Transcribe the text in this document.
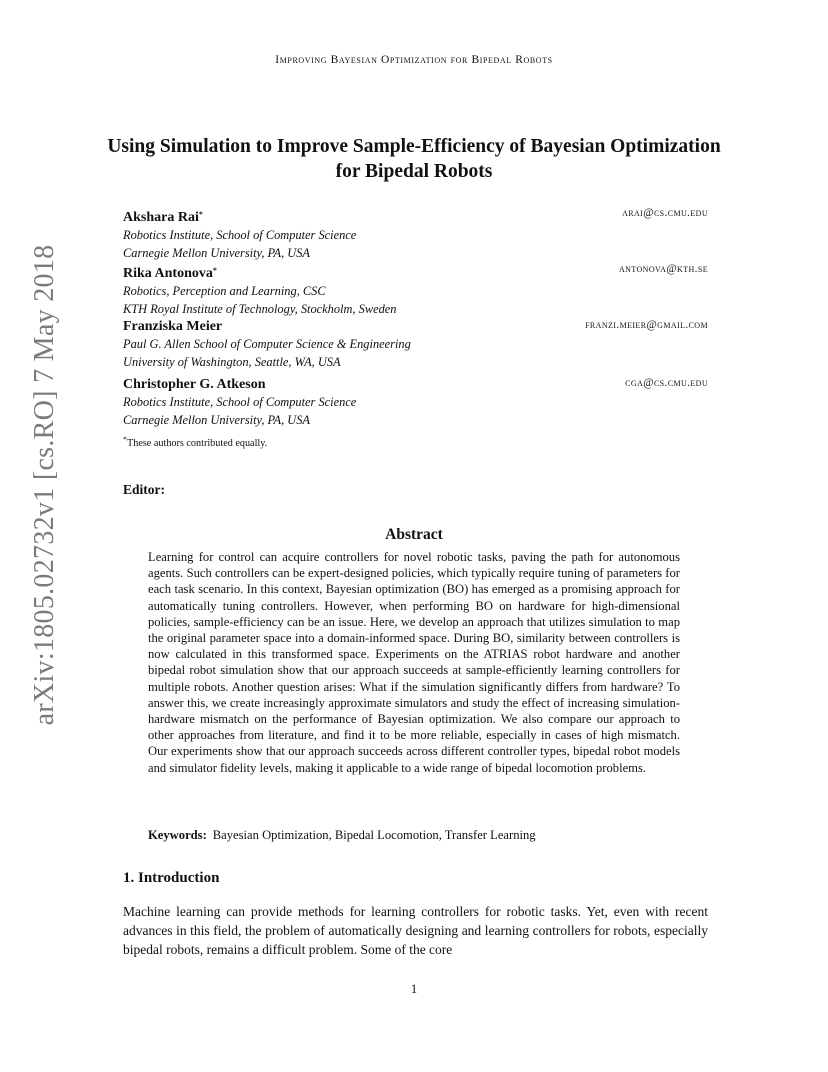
Improving Bayesian Optimization for Bipedal Robots
arXiv:1805.02732v1 [cs.RO] 7 May 2018
Using Simulation to Improve Sample-Efficiency of Bayesian Optimization for Bipedal Robots
Akshara Rai*	arai@cs.cmu.edu
Robotics Institute, School of Computer Science
Carnegie Mellon University, PA, USA
Rika Antonova*	antonova@kth.se
Robotics, Perception and Learning, CSC
KTH Royal Institute of Technology, Stockholm, Sweden
Franziska Meier	franzi.meier@gmail.com
Paul G. Allen School of Computer Science & Engineering
University of Washington, Seattle, WA, USA
Christopher G. Atkeson	cga@cs.cmu.edu
Robotics Institute, School of Computer Science
Carnegie Mellon University, PA, USA
*These authors contributed equally.
Editor:
Abstract
Learning for control can acquire controllers for novel robotic tasks, paving the path for autonomous agents. Such controllers can be expert-designed policies, which typically require tuning of parameters for each task scenario. In this context, Bayesian optimization (BO) has emerged as a promising approach for automatically tuning controllers. However, when performing BO on hardware for high-dimensional policies, sample-efficiency can be an issue. Here, we develop an approach that utilizes simulation to map the original parameter space into a domain-informed space. During BO, similarity between controllers is now calculated in this transformed space. Experiments on the ATRIAS robot hardware and another bipedal robot simulation show that our approach succeeds at sample-efficiently learning controllers for multiple robots. Another question arises: What if the simulation significantly differs from hardware? To answer this, we create increasingly approximate simulators and study the effect of increasing simulation-hardware mismatch on the performance of Bayesian optimization. We also compare our approach to other approaches from literature, and find it to be more reliable, especially in cases of high mismatch. Our experiments show that our approach succeeds across different controller types, bipedal robot models and simulator fidelity levels, making it applicable to a wide range of bipedal locomotion problems.
Keywords: Bayesian Optimization, Bipedal Locomotion, Transfer Learning
1. Introduction
Machine learning can provide methods for learning controllers for robotic tasks. Yet, even with recent advances in this field, the problem of automatically designing and learning controllers for robots, especially bipedal robots, remains a difficult problem. Some of the core
1
